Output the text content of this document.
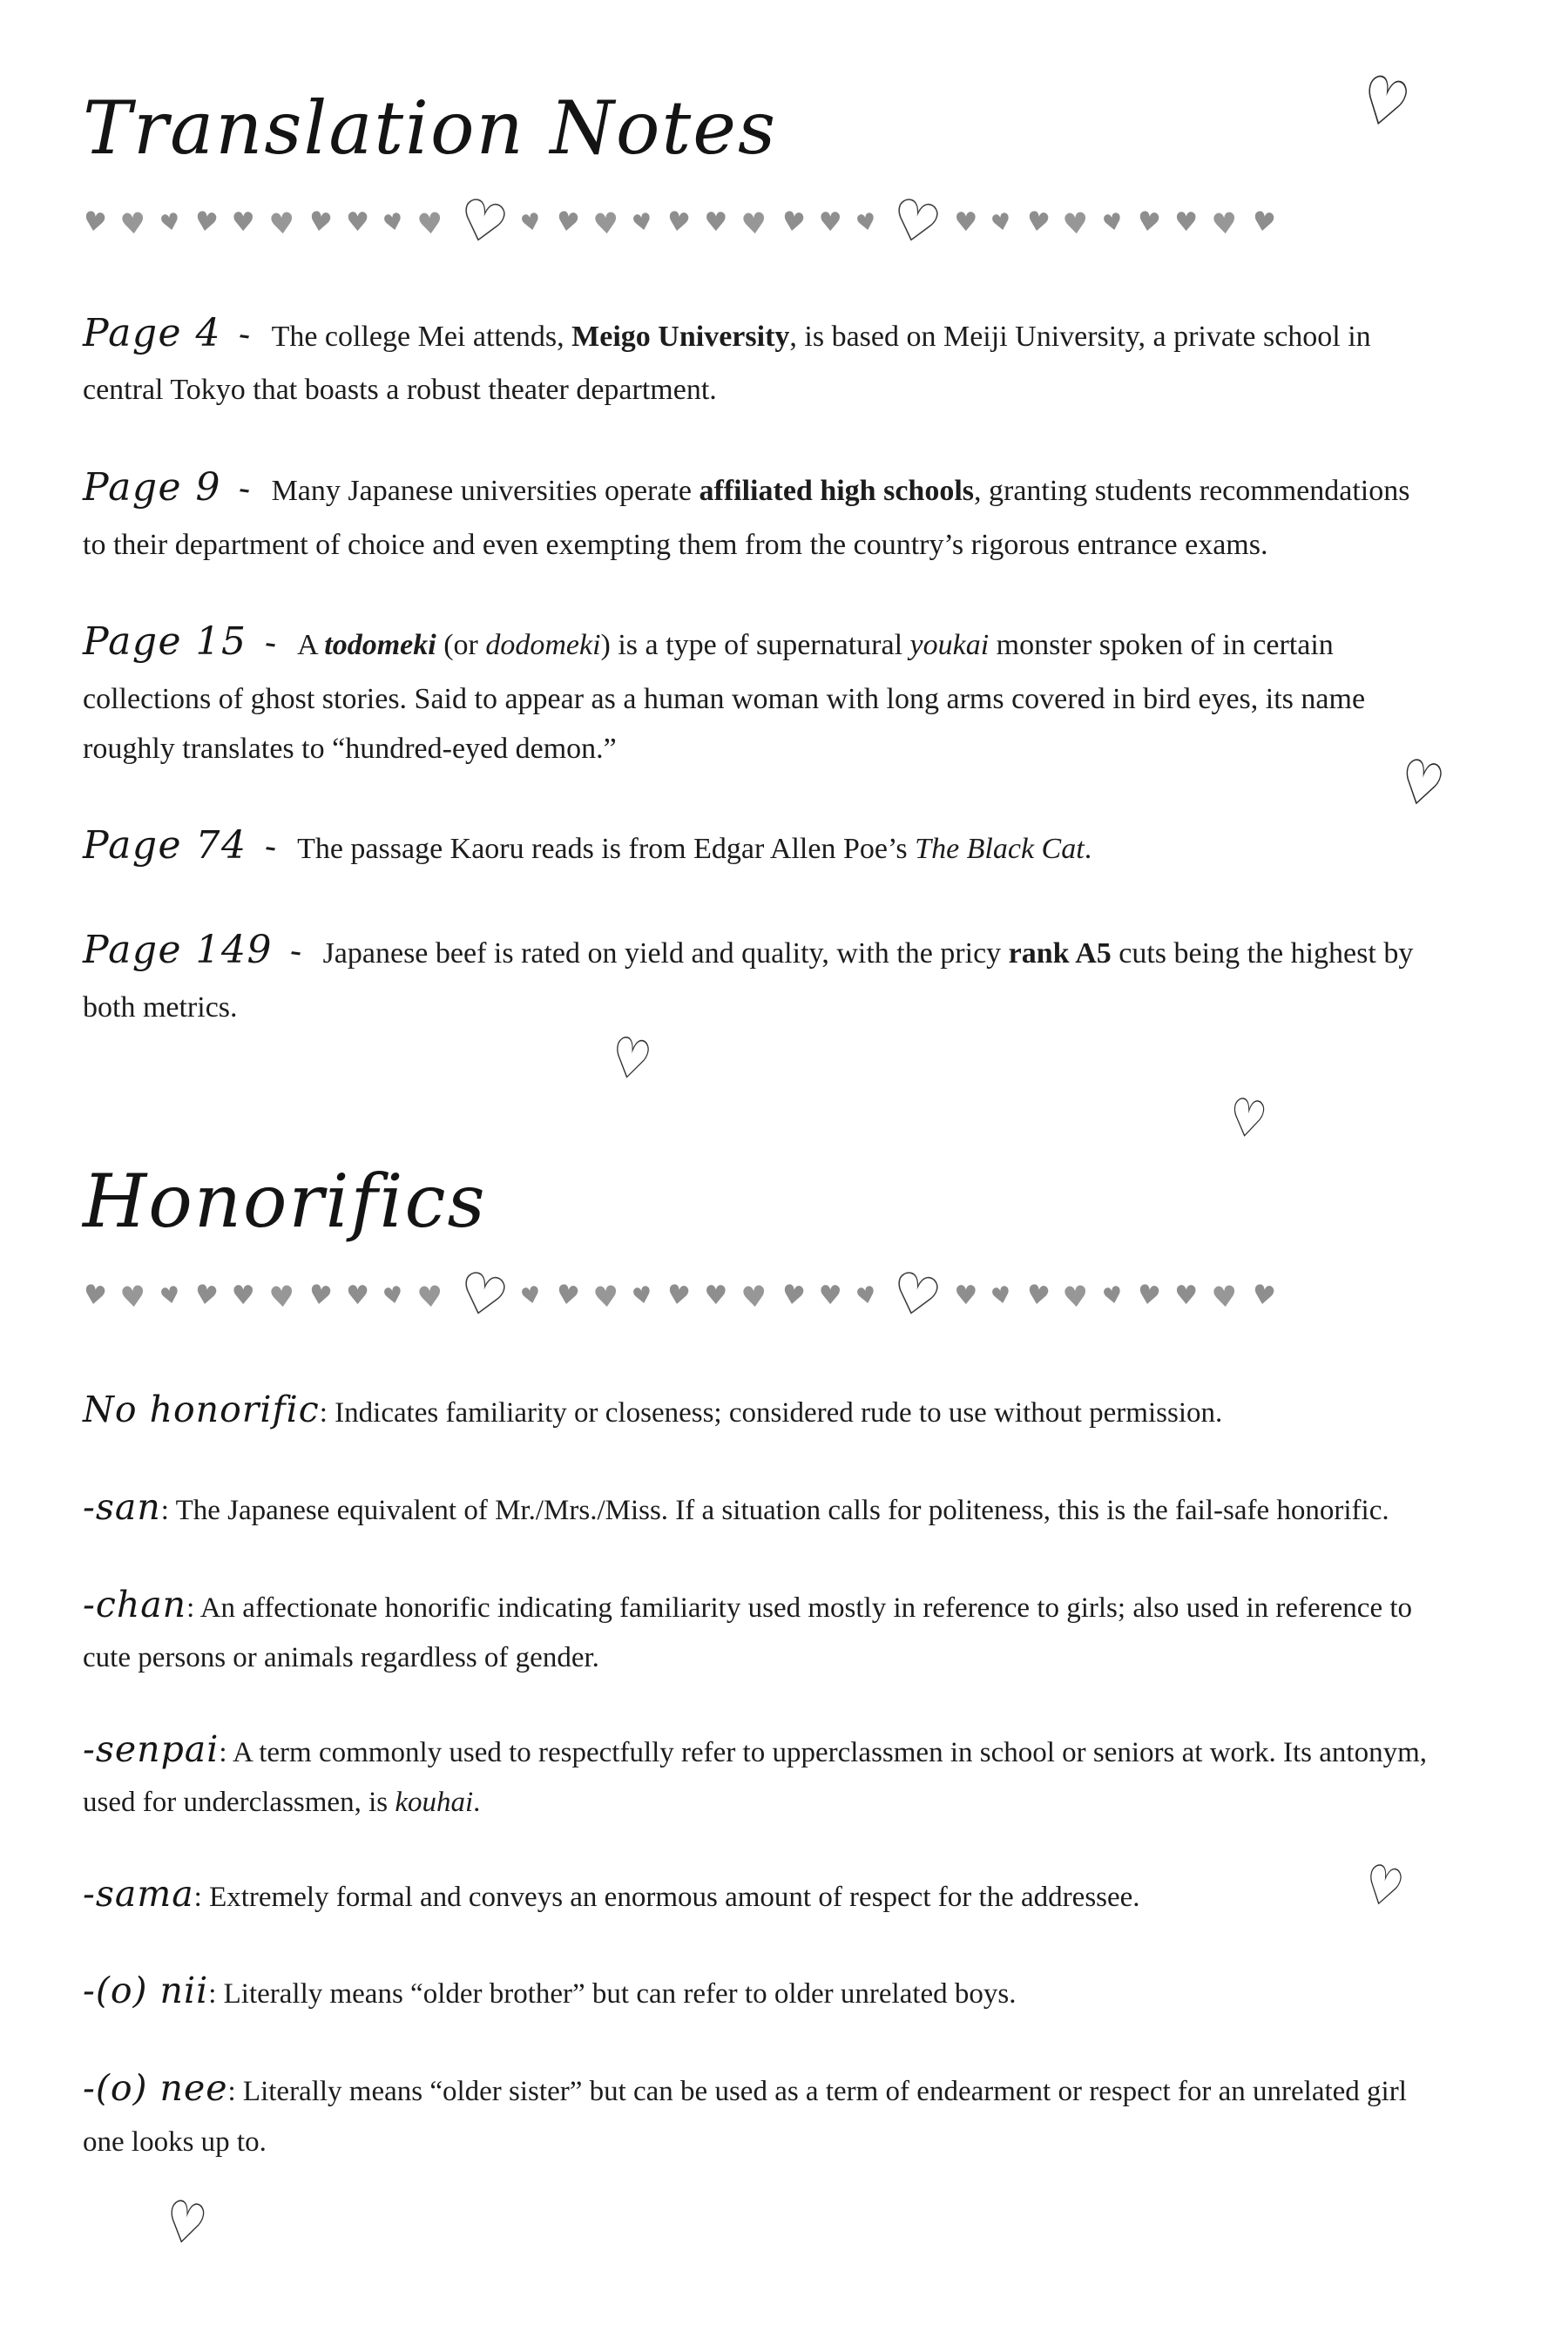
Translation Notes
♥ ♥ ♥ ♥ ♥ ♥ ♥ ♥ ♥ ♥ ♡ ♥ ♥ ♥ ♥ ♥ ♥ ♥ ♥ ♥ ♥ ♡ ♥ ♥ ♥ ♥ ♥ ♥ ♥ ♥ ♥

Page 4 - The college Mei attends, Meigo University, is based on Meiji University, a private school in central Tokyo that boasts a robust theater department.

Page 9 - Many Japanese universities operate affiliated high schools, granting students recommendations to their department of choice and even exempting them from the country’s rigorous entrance exams.

Page 15 - A todomeki (or dodomeki) is a type of supernatural youkai monster spoken of in certain collections of ghost stories. Said to appear as a human woman with long arms covered in bird eyes, its name roughly translates to “hundred-eyed demon.”

Page 74 - The passage Kaoru reads is from Edgar Allen Poe’s The Black Cat.

Page 149 - Japanese beef is rated on yield and quality, with the pricy rank A5 cuts being the highest by both metrics.

Honorifics
♥ ♥ ♥ ♥ ♥ ♥ ♥ ♥ ♥ ♥ ♡ ♥ ♥ ♥ ♥ ♥ ♥ ♥ ♥ ♥ ♥ ♡ ♥ ♥ ♥ ♥ ♥ ♥ ♥ ♥ ♥

No honorific: Indicates familiarity or closeness; considered rude to use without permission.

-san: The Japanese equivalent of Mr./Mrs./Miss. If a situation calls for politeness, this is the fail-safe honorific.

-chan: An affectionate honorific indicating familiarity used mostly in reference to girls; also used in reference to cute persons or animals regardless of gender.

-senpai: A term commonly used to respectfully refer to upperclassmen in school or seniors at work. Its antonym, used for underclassmen, is kouhai.

-sama: Extremely formal and conveys an enormous amount of respect for the addressee.

-(o) nii: Literally means “older brother” but can refer to older unrelated boys.

-(o) nee: Literally means “older sister” but can be used as a term of endearment or respect for an unrelated girl one looks up to.

♡
♡
♡
♡
♡
♡
